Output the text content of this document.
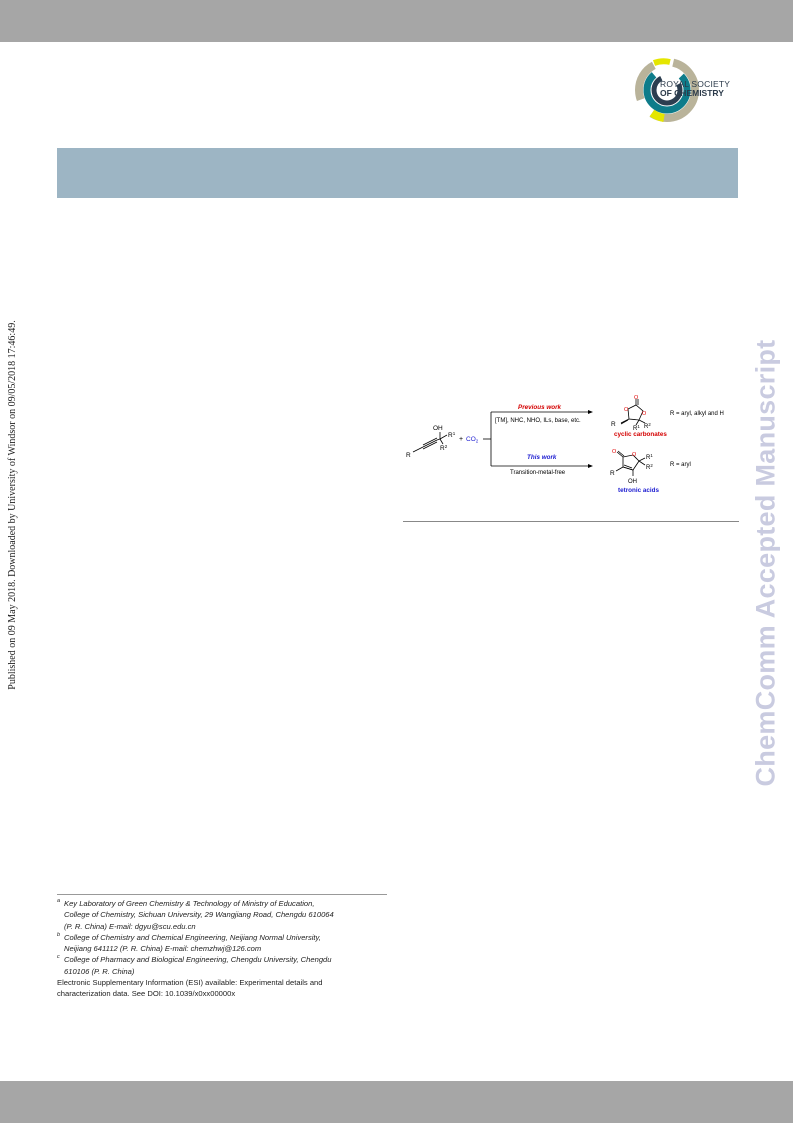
ROYAL SOCIETY
OF CHEMISTRY
Published on 09 May 2018. Downloaded by University of Windsor on 09/05/2018 17:46:49.	ChemComm Accepted Manuscript
OH
$R^1$
$R^2$
R
+ $CO_2$
Previous work
[TM], NHC, NHO, ILs, base, etc.
This work
Transition-metal-free
O
O
O
R
$R^1$ $R^2$
cyclic carbonates
R = aryl, alkyl and H
O	O $R^1$
$R^2$
R
OH
tetronic acids
R = aryl
a Key Laboratory of Green Chemistry & Technology of Ministry of Education,
College of Chemistry, Sichuan University, 29 Wangjiang Road, Chengdu 610064
(P. R. China) E-mail: dgyu@scu.edu.cn
b College of Chemistry and Chemical Engineering, Neijiang Normal University,
Neijiang 641112 (P. R. China) E-mail: chemzhwj@126.com
c College of Pharmacy and Biological Engineering, Chengdu University, Chengdu
610106 (P. R. China)
Electronic Supplementary Information (ESI) available: Experimental details and
characterization data. See DOI: 10.1039/x0xx00000x
